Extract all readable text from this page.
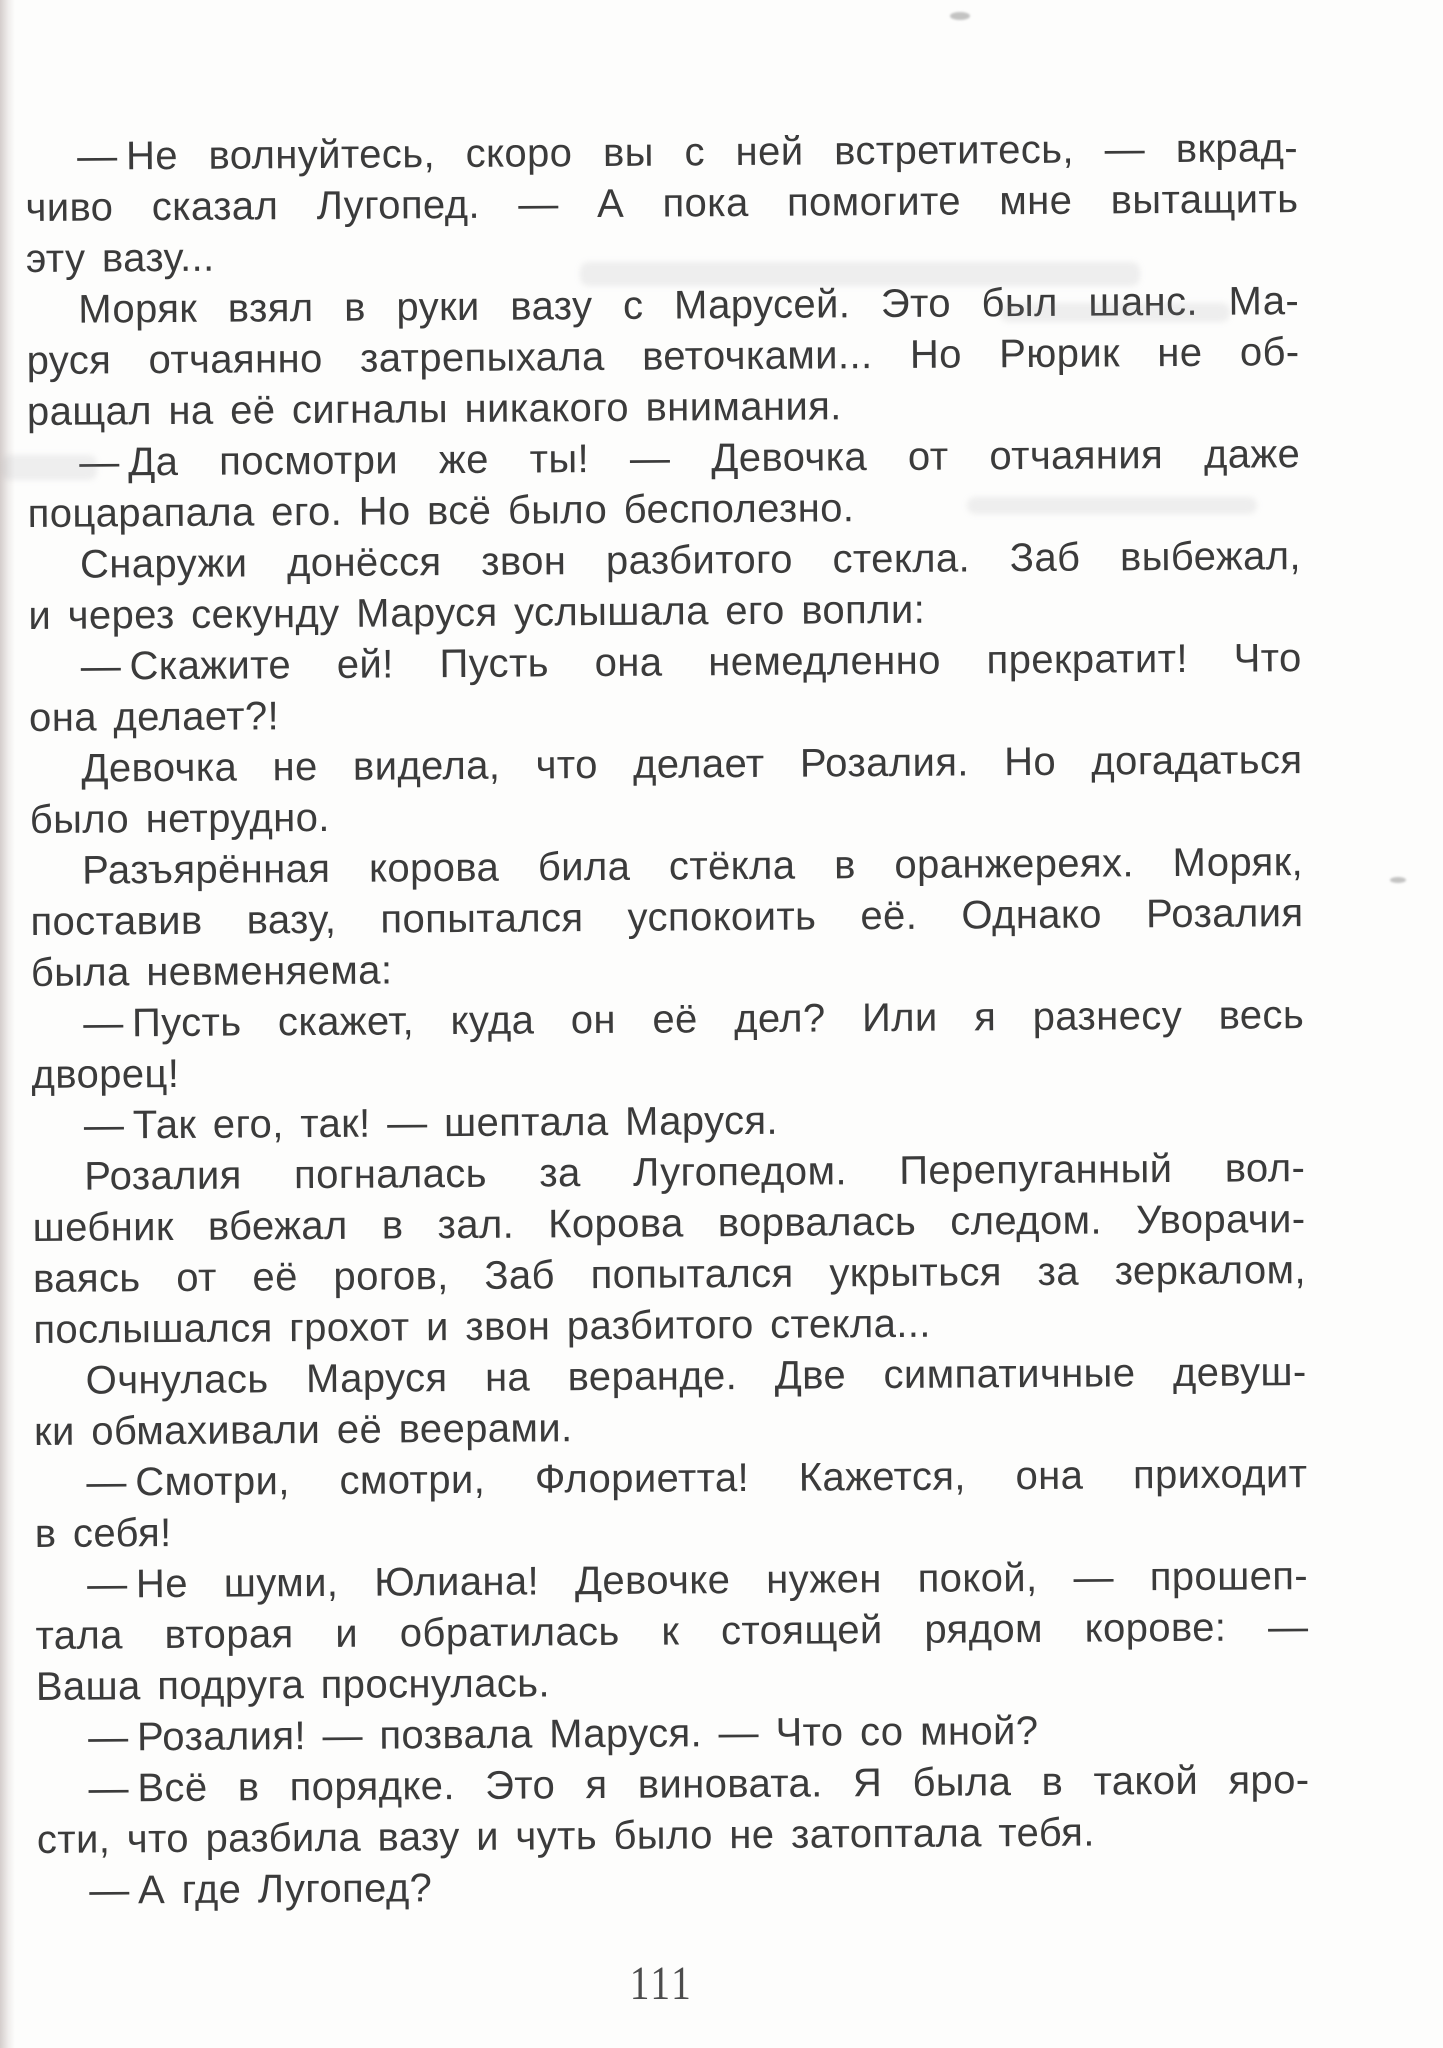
— Не волнуйтесь, скоро вы с ней встретитесь, — вкрад-
чиво сказал Лугопед. — А пока помогите мне вытащить
эту вазу...
Моряк взял в руки вазу с Марусей. Это был шанс. Ма-
руся отчаянно затрепыхала веточками... Но Рюрик не об-
ращал на её сигналы никакого внимания.
— Да посмотри же ты! — Девочка от отчаяния даже
поцарапала его. Но всё было бесполезно.
Снаружи донёсся звон разбитого стекла. Заб выбежал,
и через секунду Маруся услышала его вопли:
— Скажите ей! Пусть она немедленно прекратит! Что
она делает?!
Девочка не видела, что делает Розалия. Но догадаться
было нетрудно.
Разъярённая корова била стёкла в оранжереях. Моряк,
поставив вазу, попытался успокоить её. Однако Розалия
была невменяема:
— Пусть скажет, куда он её дел? Или я разнесу весь
дворец!
— Так его, так! — шептала Маруся.
Розалия погналась за Лугопедом. Перепуганный вол-
шебник вбежал в зал. Корова ворвалась следом. Уворачи-
ваясь от её рогов, Заб попытался укрыться за зеркалом,
послышался грохот и звон разбитого стекла...
Очнулась Маруся на веранде. Две симпатичные девуш-
ки обмахивали её веерами.
— Смотри, смотри, Флориетта! Кажется, она приходит
в себя!
— Не шуми, Юлиана! Девочке нужен покой, — прошеп-
тала вторая и обратилась к стоящей рядом корове: —
Ваша подруга проснулась.
— Розалия! — позвала Маруся. — Что со мной?
— Всё в порядке. Это я виновата. Я была в такой яро-
сти, что разбила вазу и чуть было не затоптала тебя.
— А где Лугопед?
111
